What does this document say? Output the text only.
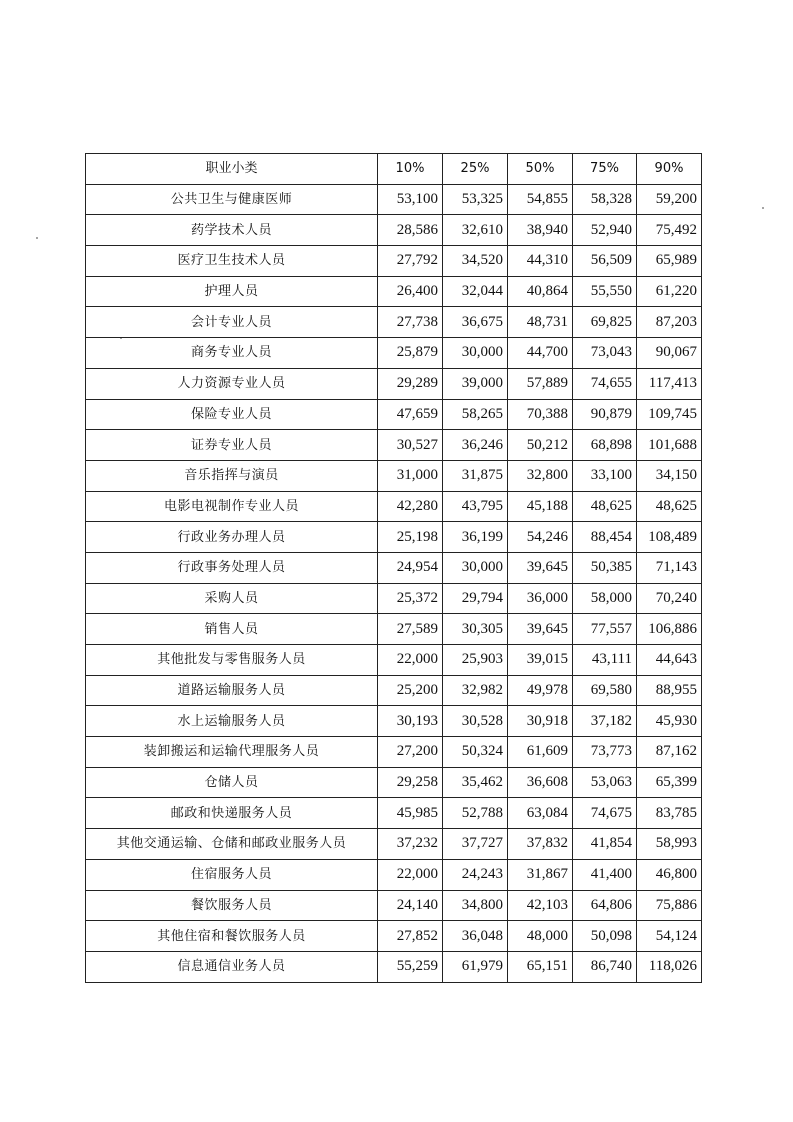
职业小类	10%	25%	50%	75%	90%
公共卫生与健康医师	53,100	53,325	54,855	58,328	59,200
药学技术人员	28,586	32,610	38,940	52,940	75,492
医疗卫生技术人员	27,792	34,520	44,310	56,509	65,989
护理人员	26,400	32,044	40,864	55,550	61,220
会计专业人员	27,738	36,675	48,731	69,825	87,203
商务专业人员	25,879	30,000	44,700	73,043	90,067
人力资源专业人员	29,289	39,000	57,889	74,655	117,413
保险专业人员	47,659	58,265	70,388	90,879	109,745
证券专业人员	30,527	36,246	50,212	68,898	101,688
音乐指挥与演员	31,000	31,875	32,800	33,100	34,150
电影电视制作专业人员	42,280	43,795	45,188	48,625	48,625
行政业务办理人员	25,198	36,199	54,246	88,454	108,489
行政事务处理人员	24,954	30,000	39,645	50,385	71,143
采购人员	25,372	29,794	36,000	58,000	70,240
销售人员	27,589	30,305	39,645	77,557	106,886
其他批发与零售服务人员	22,000	25,903	39,015	43,111	44,643
道路运输服务人员	25,200	32,982	49,978	69,580	88,955
水上运输服务人员	30,193	30,528	30,918	37,182	45,930
装卸搬运和运输代理服务人员	27,200	50,324	61,609	73,773	87,162
仓储人员	29,258	35,462	36,608	53,063	65,399
邮政和快递服务人员	45,985	52,788	63,084	74,675	83,785
其他交通运输、仓储和邮政业服务人员	37,232	37,727	37,832	41,854	58,993
住宿服务人员	22,000	24,243	31,867	41,400	46,800
餐饮服务人员	24,140	34,800	42,103	64,806	75,886
其他住宿和餐饮服务人员	27,852	36,048	48,000	50,098	54,124
信息通信业务人员	55,259	61,979	65,151	86,740	118,026
